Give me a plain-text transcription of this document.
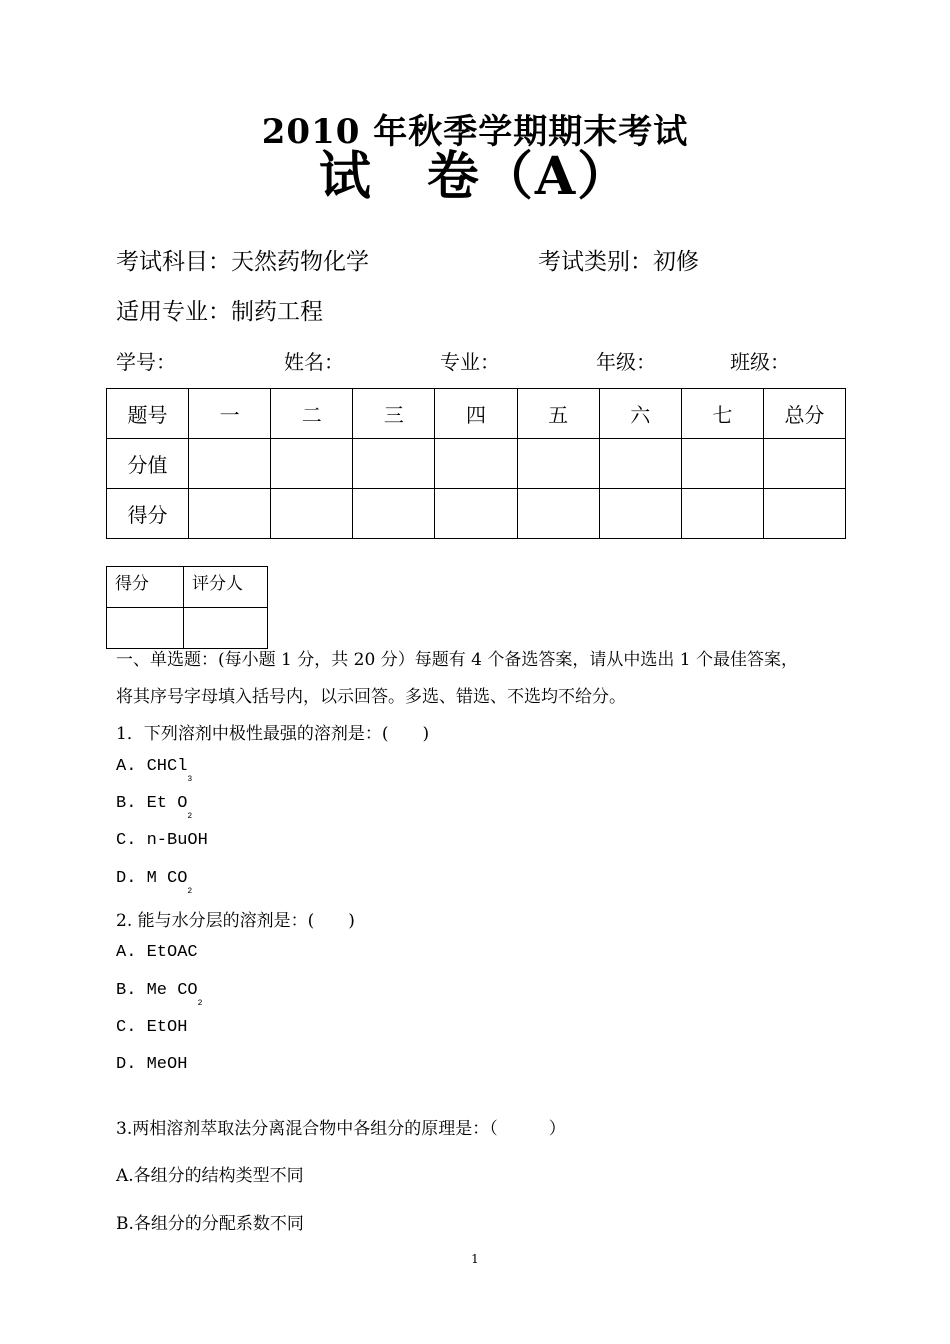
2010 年秋季学期期末考试
试　卷（A）
考试科目：天然药物化学	考试类别：初修
适用专业：制药工程
学号：	姓名：	专业：	年级：	班级：
题号	一	二	三	四	五	六	七	总分
分值								
得分								
得分	评分人

一、单选题：(每小题 1 分，共 20 分）每题有 4 个备选答案，请从中选出 1 个最佳答案，
将其序号字母填入括号内，以示回答。多选、错选、不选均不给分。
1．下列溶剂中极性最强的溶剂是：(　　)
A. CHCl$_3$
B. Et $O_2$
C. n-BuOH
D. M $CO_2$
2. 能与水分层的溶剂是：(　　)
A. EtOAC
B. Me $CO_2$
C. EtOH
D. MeOH
3.两相溶剂萃取法分离混合物中各组分的原理是：（　　　）
A.各组分的结构类型不同
B.各组分的分配系数不同
1
